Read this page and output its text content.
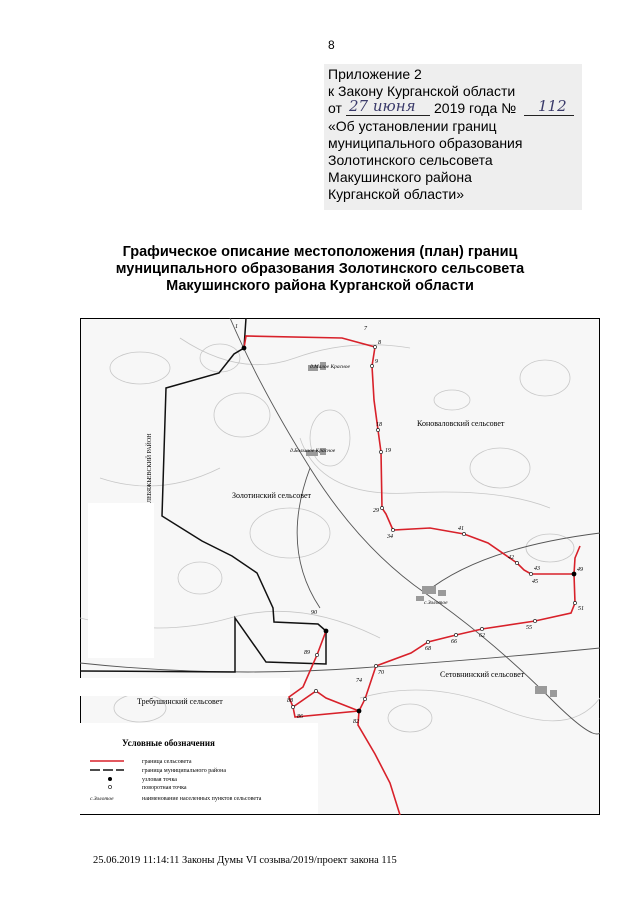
8
Приложение 2
к Закону Курганской области
от 27 июня 2019 года № 112
«Об установлении границ
муниципального образования
Золотинского сельсовета
Макушинского района
Курганской области»
Графическое описание местоположения (план) границ
муниципального образования Золотинского сельсовета
Макушинского района Курганской области
1	7
8
9
18
19
29
34
41
42
43
45
49
51
55
62
66
68
70
74
82
86
88
89
90
Коноваловский сельсовет
Золотинский сельсовет
Сетовнинский сельсовет
Требушинский сельсовет
ЛЕБЯЖЬЕВСКИЙ РАЙОН
д.Малое Красное
д.Большое Красное
с.Золотое
Условные обозначения
граница сельсовета
граница муниципального района
узловая точка
поворотная точка
с.Золотое	наименование населенных пунктов сельсовета
25.06.2019 11:14:11 Законы Думы VI созыва/2019/проект закона 115
